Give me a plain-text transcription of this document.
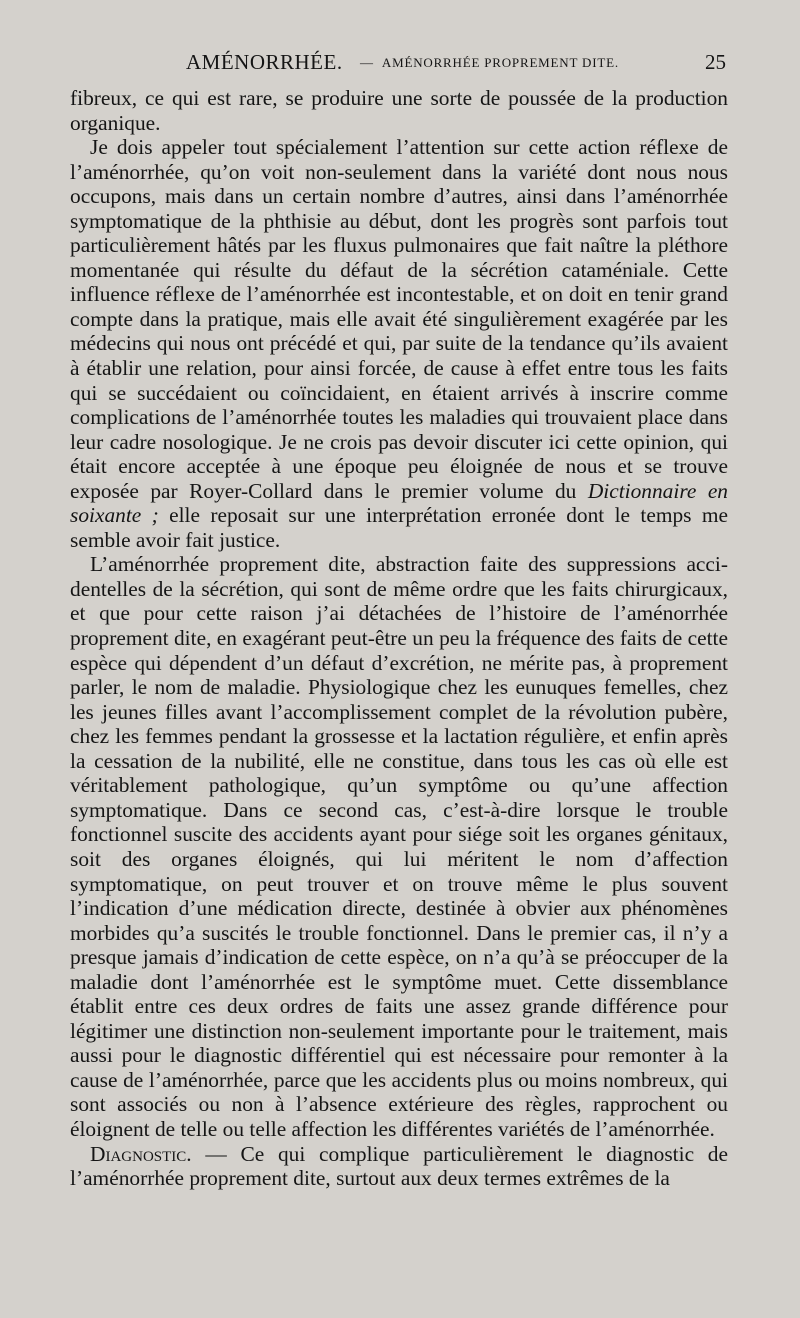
AMÉNORRHÉE. — AMÉNORRHÉE PROPREMENT DITE.	25

fibreux, ce qui est rare, se produire une sorte de poussée de la production organique.

Je dois appeler tout spécialement l’attention sur cette action réflexe de l’aménorrhée, qu’on voit non-seulement dans la variété dont nous nous occupons, mais dans un certain nombre d’autres, ainsi dans l’aménorrhée symptomatique de la phthisie au début, dont les progrès sont parfois tout particulièrement hâtés par les fluxus pulmonaires que fait naître la pléthore momentanée qui résulte du défaut de la sécrétion cataméniale. Cette influence réflexe de l’aménorrhée est incontestable, et on doit en tenir grand compte dans la pratique, mais elle avait été singulièrement exagérée par les médecins qui nous ont précédé et qui, par suite de la tendance qu’ils avaient à établir une relation, pour ainsi forcée, de cause à effet entre tous les faits qui se succédaient ou coïncidaient, en étaient arrivés à inscrire comme complications de l’aménorrhée toutes les maladies qui trouvaient place dans leur cadre nosologique. Je ne crois pas devoir discuter ici cette opinion, qui était encore acceptée à une époque peu éloignée de nous et se trouve exposée par Royer-Collard dans le premier volume du Dictionnaire en soixante ; elle reposait sur une interprétation erronée dont le temps me semble avoir fait justice.

L’aménorrhée proprement dite, abstraction faite des suppressions accidentelles de la sécrétion, qui sont de même ordre que les faits chirurgicaux, et que pour cette raison j’ai détachées de l’histoire de l’aménorrhée proprement dite, en exagérant peut-être un peu la fréquence des faits de cette espèce qui dépendent d’un défaut d’excrétion, ne mérite pas, à proprement parler, le nom de maladie. Physiologique chez les eunuques femelles, chez les jeunes filles avant l’accomplissement complet de la révolution pubère, chez les femmes pendant la grossesse et la lactation régulière, et enfin après la cessation de la nubilité, elle ne constitue, dans tous les cas où elle est véritablement pathologique, qu’un symptôme ou qu’une affection symptomatique. Dans ce second cas, c’est-à-dire lorsque le trouble fonctionnel suscite des accidents ayant pour siége soit les organes génitaux, soit des organes éloignés, qui lui méritent le nom d’affection symptomatique, on peut trouver et on trouve même le plus souvent l’indication d’une médication directe, destinée à obvier aux phénomènes morbides qu’a suscités le trouble fonctionnel. Dans le premier cas, il n’y a presque jamais d’indication de cette espèce, on n’a qu’à se préoccuper de la maladie dont l’aménorrhée est le symptôme muet. Cette dissemblance établit entre ces deux ordres de faits une assez grande différence pour légitimer une distinction non-seulement importante pour le traitement, mais aussi pour le diagnostic différentiel qui est nécessaire pour remonter à la cause de l’aménorrhée, parce que les accidents plus ou moins nombreux, qui sont associés ou non à l’absence extérieure des règles, rapprochent ou éloignent de telle ou telle affection les différentes variétés de l’aménorrhée.

Diagnostic. — Ce qui complique particulièrement le diagnostic de l’aménorrhée proprement dite, surtout aux deux termes extrêmes de la
